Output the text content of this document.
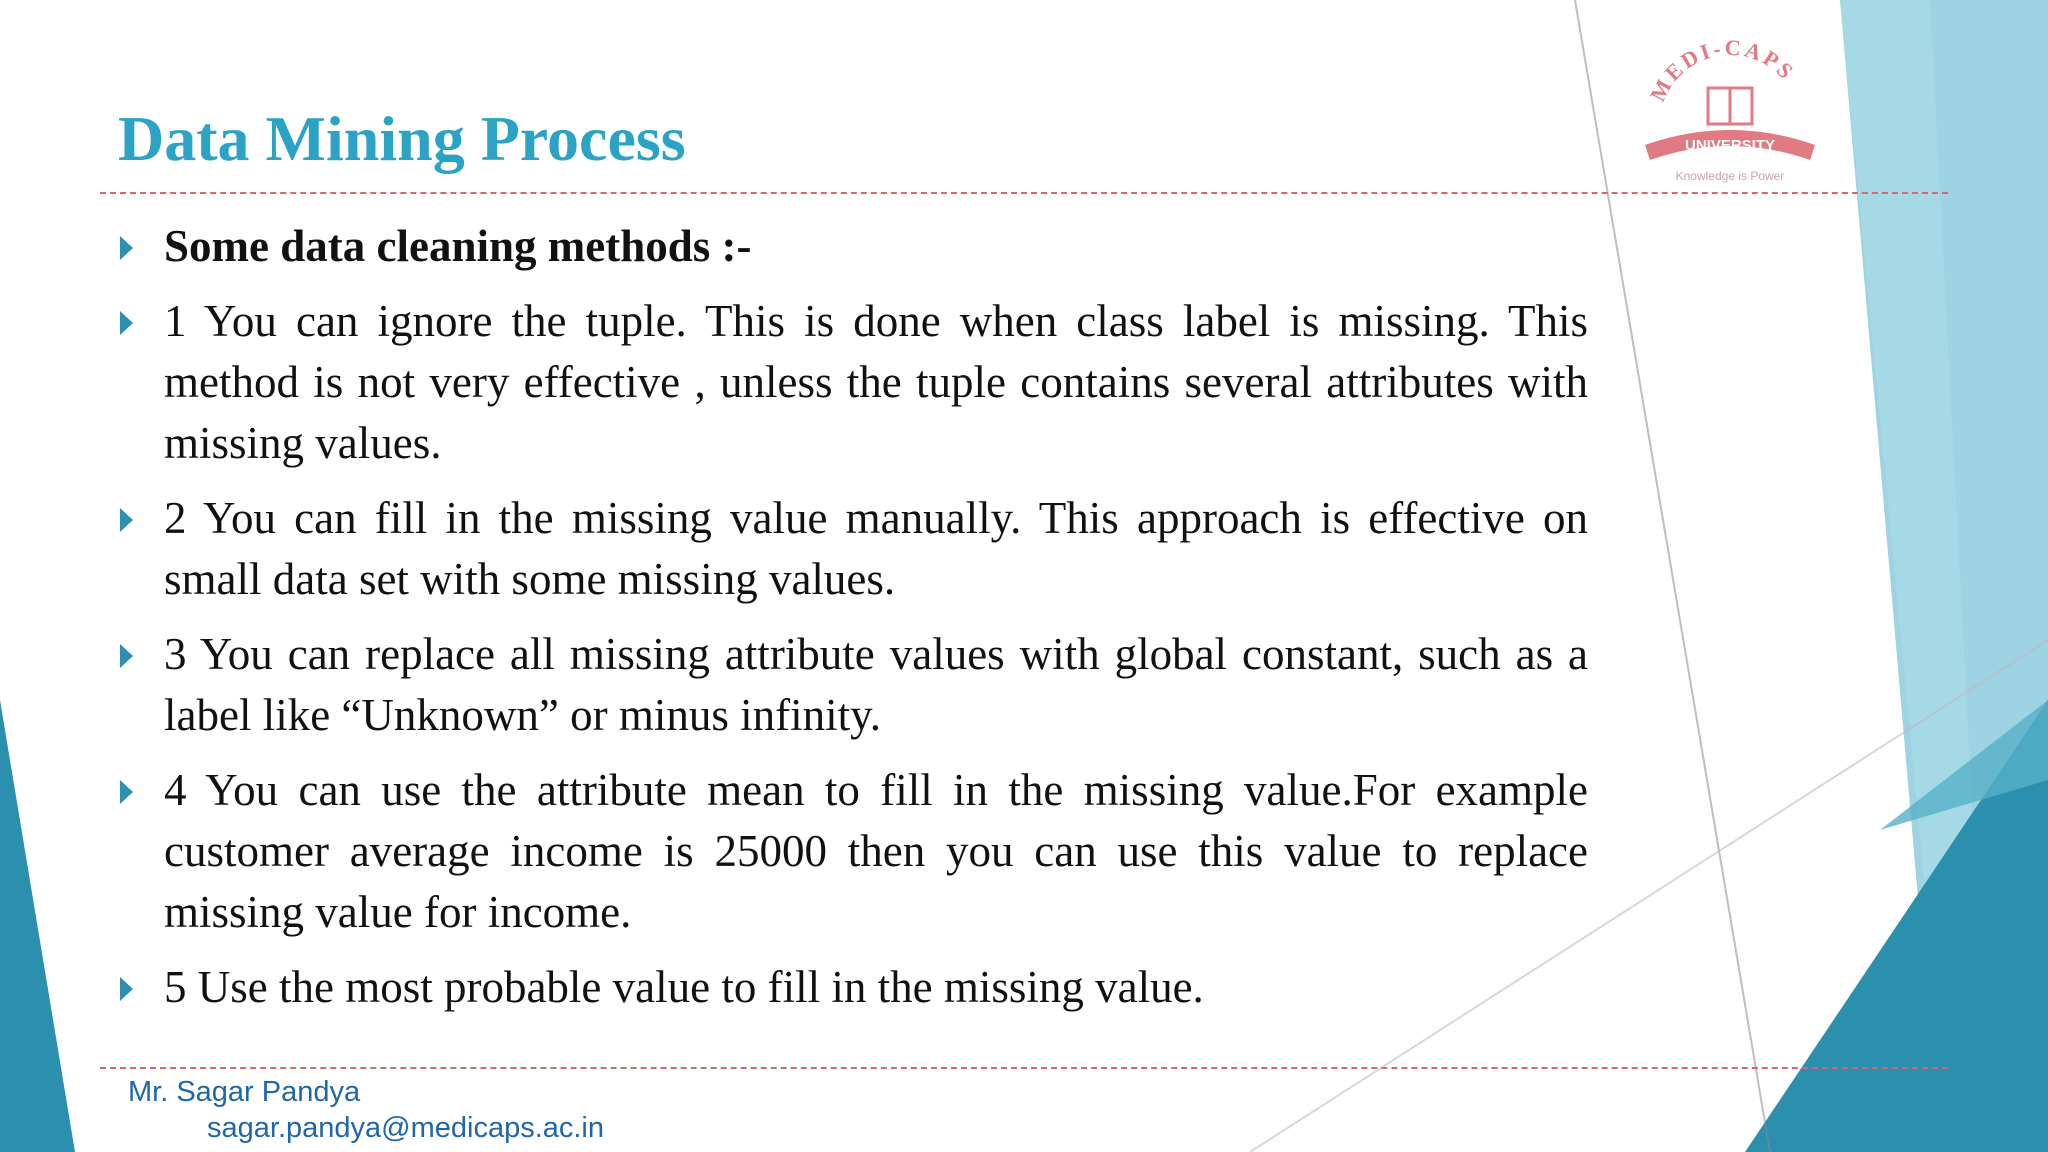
MEDI-CAPS
UNIVERSITY
Knowledge is Power
Data Mining Process
Some data cleaning methods :-
1 You can ignore the tuple. This is done when class label is missing. This method is not very effective , unless the tuple contains several attributes with missing values.
2 You can fill in the missing value manually. This approach is effective on small data set with some missing values.
3 You can replace all missing attribute values with global constant, such as a label like “Unknown” or minus infinity.
4 You can use the attribute mean to fill in the missing value.For example customer average income is 25000 then you can use this value to replace missing value for income.
5 Use the most probable value to fill in the missing value.
Mr. Sagar Pandya
sagar.pandya@medicaps.ac.in
